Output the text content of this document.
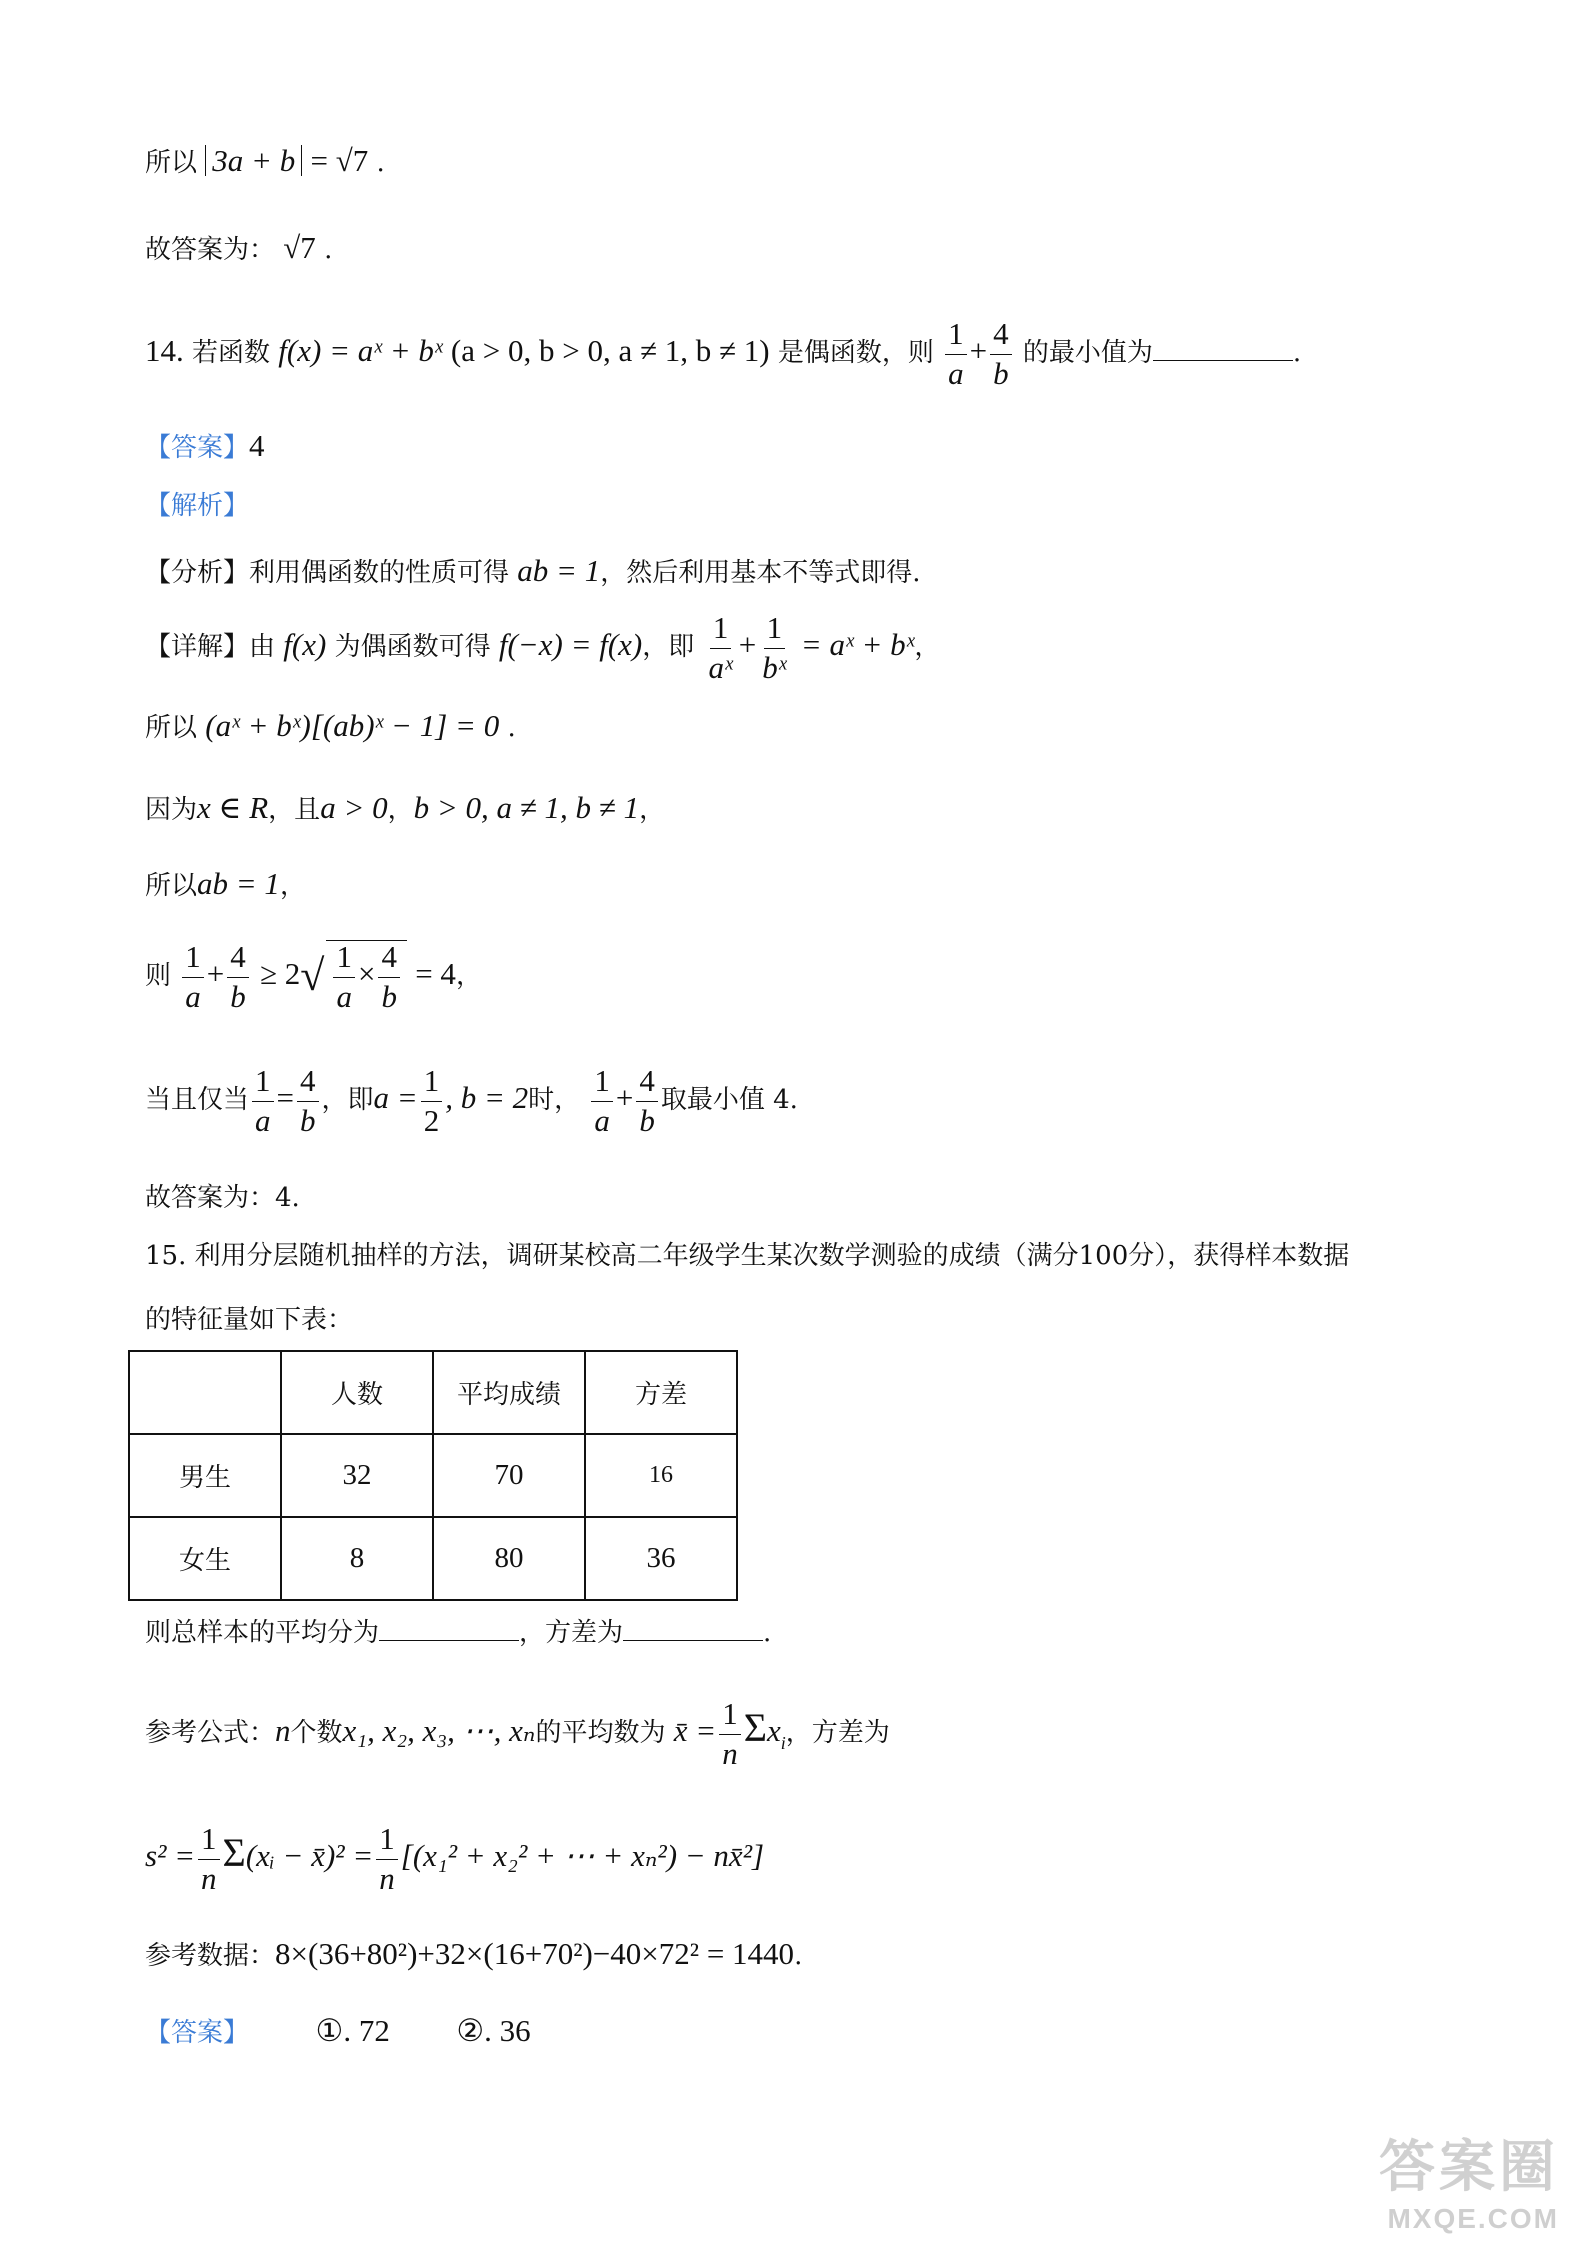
所以 3a + b = √7 .
故答案为： √7 .
14. 若函数 f(x) = aˣ + bˣ (a > 0, b > 0, a ≠ 1, b ≠ 1) 是偶函数，则 $\frac{1}{a} + \frac{4}{b}$ 的最小值为	.
【答案】4
【解析】
【分析】利用偶函数的性质可得 ab = 1，然后利用基本不等式即得.
【详解】由 f(x) 为偶函数可得 f(−x) = f(x)，即 $\frac{1}{\text{aˣ}} + \frac{1}{\text{bˣ}}$ = aˣ + bˣ，
所以 (aˣ + bˣ)[(ab)ˣ − 1] = 0 .
因为x ∈ R，且a > 0，b > 0, a ≠ 1, b ≠ 1，
所以ab = 1，
则 $\frac{1}{a} + \frac{4}{b} \ge 2√ \frac{1}{a} \times \frac{4}{b} = 4$，
当且仅当 $\frac{1}{a} = \frac{4}{b}$ ，即$a = \frac{1}{2}$ , b = 2时， $\frac{1}{a} + \frac{4}{b}$ 取最小值 4.
故答案为：4.
15. 利用分层随机抽样的方法，调研某校高二年级学生某次数学测验的成绩（满分100分），获得样本数据
的特征量如下表：
	人数	平均成绩	方差
男生	32	70	16
女生	8	80	36
则总样本的平均分为	，方差为	.
参考公式：n个数x₁, x₂, x₃, ⋯, xₙ的平均数为 x̄ = $\frac{1}{n} \Sigma x_i$，方差为
$s^2 = \frac{1}{n}$ Σ(xᵢ − x̄)² = $\frac{1}{n} [(x_1^2 + x_2^2$ + ⋯ + xₙ²) − nx̄²]
参考数据：8×(36+80²)+32×(16+70²)−40×72² = 1440.
【答案】 ①. 72 ②. 36
答案圈
MXQE.COM
